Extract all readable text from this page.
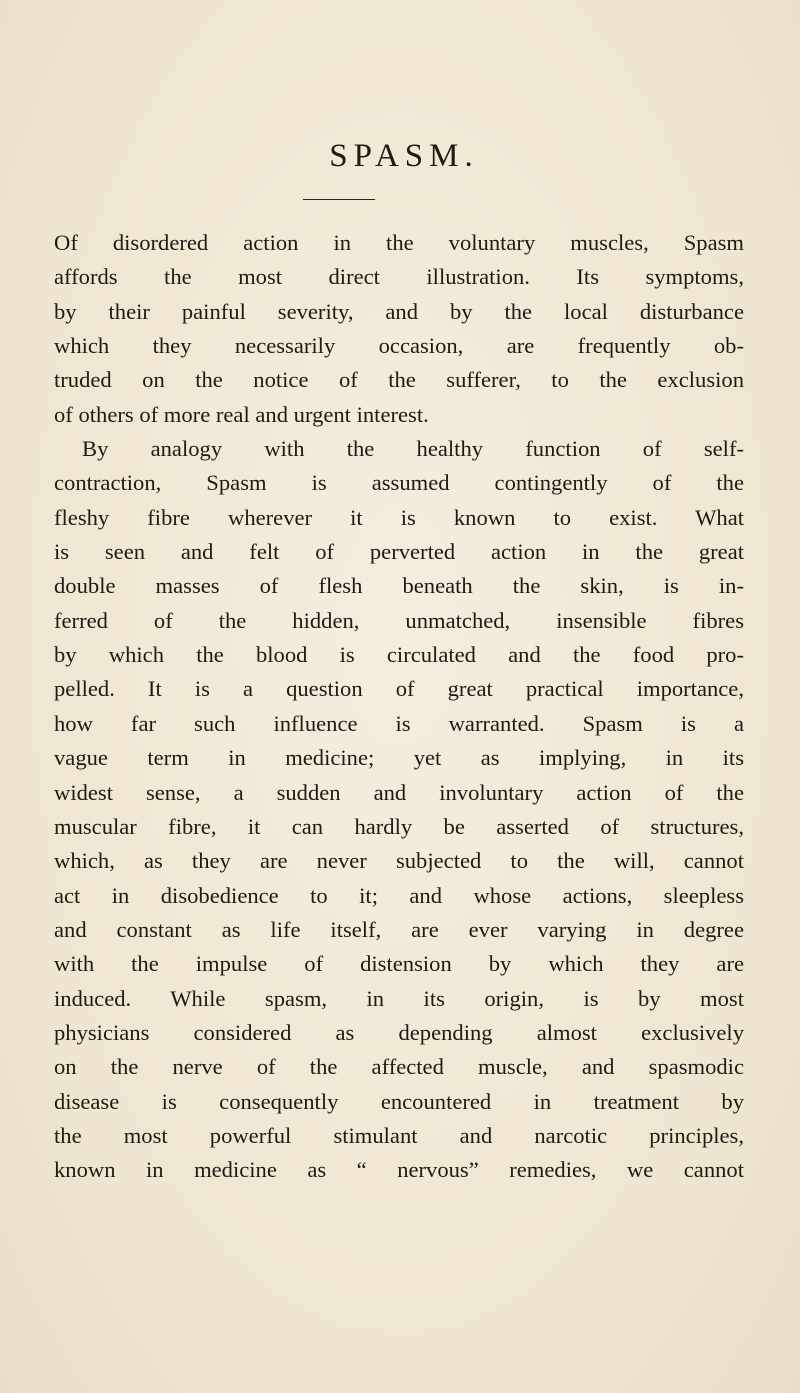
SPASM.
Of disordered action in the voluntary muscles, Spasm
affords the most direct illustration. Its symptoms,
by their painful severity, and by the local disturbance
which they necessarily occasion, are frequently ob-
truded on the notice of the sufferer, to the exclusion
of others of more real and urgent interest.
By analogy with the healthy function of self-
contraction, Spasm is assumed contingently of the
fleshy fibre wherever it is known to exist. What
is seen and felt of perverted action in the great
double masses of flesh beneath the skin, is in-
ferred of the hidden, unmatched, insensible fibres
by which the blood is circulated and the food pro-
pelled. It is a question of great practical importance,
how far such influence is warranted. Spasm is a
vague term in medicine; yet as implying, in its
widest sense, a sudden and involuntary action of the
muscular fibre, it can hardly be asserted of structures,
which, as they are never subjected to the will, cannot
act in disobedience to it; and whose actions, sleepless
and constant as life itself, are ever varying in degree
with the impulse of distension by which they are
induced. While spasm, in its origin, is by most
physicians considered as depending almost exclusively
on the nerve of the affected muscle, and spasmodic
disease is consequently encountered in treatment by
the most powerful stimulant and narcotic principles,
known in medicine as “ nervous” remedies, we cannot
